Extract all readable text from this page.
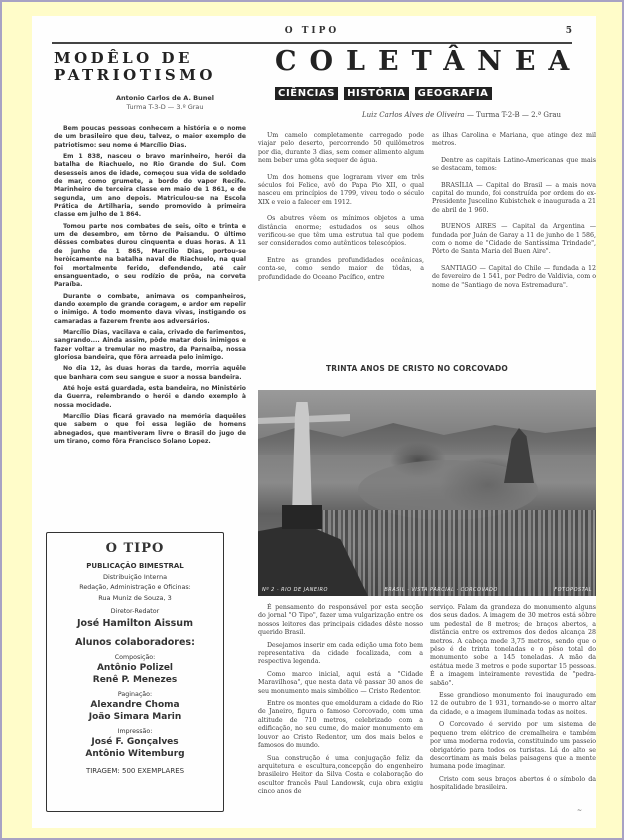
O TIPO	5
MODÊLO DE
PATRIOTISMO
Antonio Carlos de A. Bunel
Turma T-3-D — 3.º Grau

Bem poucas pessoas conhecem a história e o nome de um brasileiro que deu, talvez, o maior exemplo de patriotismo: seu nome é Marcílio Dias.

Em 1 838, nasceu o bravo marinheiro, herói da batalha de Riachuelo, no Rio Grande do Sul. Com desesseis anos de idade, começou sua vida de soldado de mar, como grumete, a bordo do vapor Recife. Marinheiro de terceira classe em maio de 1 861, e de segunda, um ano depois. Matriculou-se na Escola Prática de Artilharia, sendo promovido à primeira classe em julho de 1 864.

Tomou parte nos combates de seis, oito e trinta e um de desembro, em tôrno de Paisandu. O último dêsses combates durou cinquenta e duas horas. A 11 de junho de 1 865, Marcílio Dias, portou-se heròicamente na batalha naval de Riachuelo, na qual foi mortalmente ferido, defendendo, até cair ensanguentado, o seu rodízio de prôa, na corveta Paraíba.

Durante o combate, animava os companheiros, dando exemplo de grande coragem, e ardor em repelir o inimigo. A todo momento dava vivas, instigando os camaradas a fazerem frente aos adversários.

Marcílio Dias, vacilava e caia, crivado de ferimentos, sangrando.... Ainda assim, pôde matar dois inimigos e fazer voltar a tremular no mastro, da Parnaíba, nossa gloriosa bandeira, que fôra arreada pelo inimigo.

No dia 12, às duas horas da tarde, morria aquêle que banhara com seu sangue e suor a nossa bandeira.

Até hoje está guardada, esta bandeira, no Ministério da Guerra, relembrando o herói e dando exemplo à nossa mocidade.

Marcílio Dias ficará gravado na memória daquêles que sabem o que foi essa legião de homens abnegados, que mantiveram livre o Brasil do jugo de um tirano, como fôra Francisco Solano Lopez.

O TIPO
PUBLICAÇÃO BIMESTRAL
Distribuição Interna
Redação, Administração e Oficinas:
Rua Muniz de Souza, 3
Diretor-Redator
José Hamilton Aissum
Alunos colaboradores:
Composição:
Antônio Polizel
Renê P. Menezes
Paginação:
Alexandre Choma
João Simara Marin
Impressão:
José F. Gonçalves
Antônio Witemburg
TIRAGEM: 500 EXEMPLARES
COLETÂNEA
CIÊNCIAS	HISTÓRIA	GEOGRAFIA
Luiz Carlos Alves de Oliveira — Turma T-2-B — 2.ª Grau

Um camelo completamente carregado pode viajar pelo deserto, percorrendo 50 quilômetros por dia, durante 3 dias, sem comer alimento algum nem beber uma gôta sequer de água.

Um dos homens que lograram viver em três séculos foi Felice, avô do Papa Pio XII, o qual nasceu em princípios de 1799, viveu todo o século XIX e veio a falecer em 1912.

Os abutres vêem os mínimos objetos a uma distância enorme; estudados os seus olhos verificou-se que têm uma estrutua tal que podem ser considerados como autênticos telescópios.

Entre as grandes profundidades oceânicas, conta-se, como sendo maior de tôdas, a profundidade do Oceano Pacífico, entre

as ilhas Carolina e Mariana, que atinge dez mil metros.

Dentre as capitais Latino-Americanas que mais se destacam, temos:

BRASÍLIA — Capital do Brasil — a mais nova capital do mundo, foi construída por ordem do ex-Presidente Juscelino Kubistchek e inaugurada a 21 de abril de 1 960.

BUENOS AIRES — Capital da Argentina — fundada por Juán de Garay a 11 de junho de 1 586, com o nome de "Cidade de Santíssima Trindade", Pôrto de Santa Maria del Buen Aire".

SANTIAGO — Capital do Chile — fundada a 12 de fevereiro de 1 541, por Pedro de Valdivia, com o nome de "Santiago de nova Estremadura".

TRINTA ANOS DE CRISTO NO CORCOVADO
Nº 2 · RIO DE JANEIRO	BRASIL · VISTA PARCIAL · CORCOVADO	FOTOPOSTAL

É pensamento do responsável por esta secção do jornal "O Tipo", fazer uma vulgarização entre os nossos leitores das principais cidades dêste nosso querido Brasil.

Desejamos inserir em cada edição uma foto bem representativa da cidade focalizada, com a respectiva legenda.

Como marco inicial, aqui está a "Cidade Maravilhosa", que nesta data vê passar 30 anos de seu monumento mais simbólico — Cristo Redentor.

Entre os montes que emolduram a cidade do Rio de Janeiro, figura o famoso Corcovado, com uma altitude de 710 metros, celebrizado com a edificação, no seu cume, do maior monumento em louvor ao Cristo Redentor, um dos mais belos e famosos do mundo.

Sua construção é uma conjugação feliz da arquitetura e escultura,concepção do engenheiro brasileiro Heitor da Silva Costa e colaboração do escultor francês Paul Landowsk, cuja obra exigiu cinco anos de

serviço. Falam da grandeza do monumento alguns dos seus dados. A imagem de 30 metros está sôbre um pedestal de 8 metros; de braços abertos, a distância entre os extremos dos dedos alcança 28 metros. A cabeça mede 3,75 metros, sendo que o pêso é de trinta toneladas e o pêso total do monumento sobe a 145 toneladas. A mão da estátua mede 3 metros e pode suportar 15 pessoas. É a imagem inteiramente revestida de "pedra-sabão".

Esse grandioso monumento foi inaugurado em 12 de outubro de 1 931, tornando-se o morro altar da cidade, e a imagem iluminada todas as noites.

O Corcovado é servido por um sistema de pequeno trem elétrico de cremalheira e também por uma moderna rodovia, constituindo um passeio obrigatório para todos os turistas. Lá do alto se descortinam as mais belas paisagens que a mente humana pode imaginar.

Cristo com seus braços abertos é o símbolo da hospitalidade brasileira.

~
